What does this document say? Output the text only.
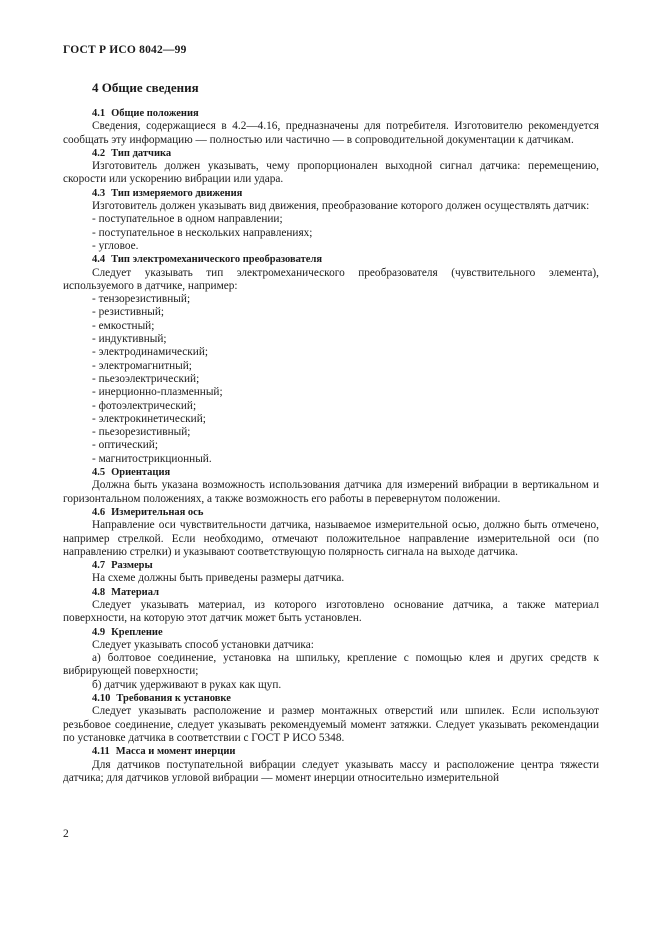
ГОСТ Р ИСО 8042—99
4 Общие сведения
4.1 Общие положения
Сведения, содержащиеся в 4.2—4.16, предназначены для потребителя. Изготовителю рекомендуется сообщать эту информацию — полностью или частично — в сопроводительной документации к датчикам.
4.2 Тип датчика
Изготовитель должен указывать, чему пропорционален выходной сигнал датчика: перемещению, скорости или ускорению вибрации или удара.
4.3 Тип измеряемого движения
Изготовитель должен указывать вид движения, преобразование которого должен осуществлять датчик:
- поступательное в одном направлении;
- поступательное в нескольких направлениях;
- угловое.
4.4 Тип электромеханического преобразователя
Следует указывать тип электромеханического преобразователя (чувствительного элемента), используемого в датчике, например:
- тензорезистивный;
- резистивный;
- емкостный;
- индуктивный;
- электродинамический;
- электромагнитный;
- пьезоэлектрический;
- инерционно-плазменный;
- фотоэлектрический;
- электрокинетический;
- пьезорезистивный;
- оптический;
- магнитострикционный.
4.5 Ориентация
Должна быть указана возможность использования датчика для измерений вибрации в вертикальном и горизонтальном положениях, а также возможность его работы в перевернутом положении.
4.6 Измерительная ось
Направление оси чувствительности датчика, называемое измерительной осью, должно быть отмечено, например стрелкой. Если необходимо, отмечают положительное направление измерительной оси (по направлению стрелки) и указывают соответствующую полярность сигнала на выходе датчика.
4.7 Размеры
На схеме должны быть приведены размеры датчика.
4.8 Материал
Следует указывать материал, из которого изготовлено основание датчика, а также материал поверхности, на которую этот датчик может быть установлен.
4.9 Крепление
Следует указывать способ установки датчика:
а) болтовое соединение, установка на шпильку, крепление с помощью клея и других средств к вибрирующей поверхности;
б) датчик удерживают в руках как щуп.
4.10 Требования к установке
Следует указывать расположение и размер монтажных отверстий или шпилек. Если используют резьбовое соединение, следует указывать рекомендуемый момент затяжки. Следует указывать рекомендации по установке датчика в соответствии с ГОСТ Р ИСО 5348.
4.11 Масса и момент инерции
Для датчиков поступательной вибрации следует указывать массу и расположение центра тяжести датчика; для датчиков угловой вибрации — момент инерции относительно измерительной
2
